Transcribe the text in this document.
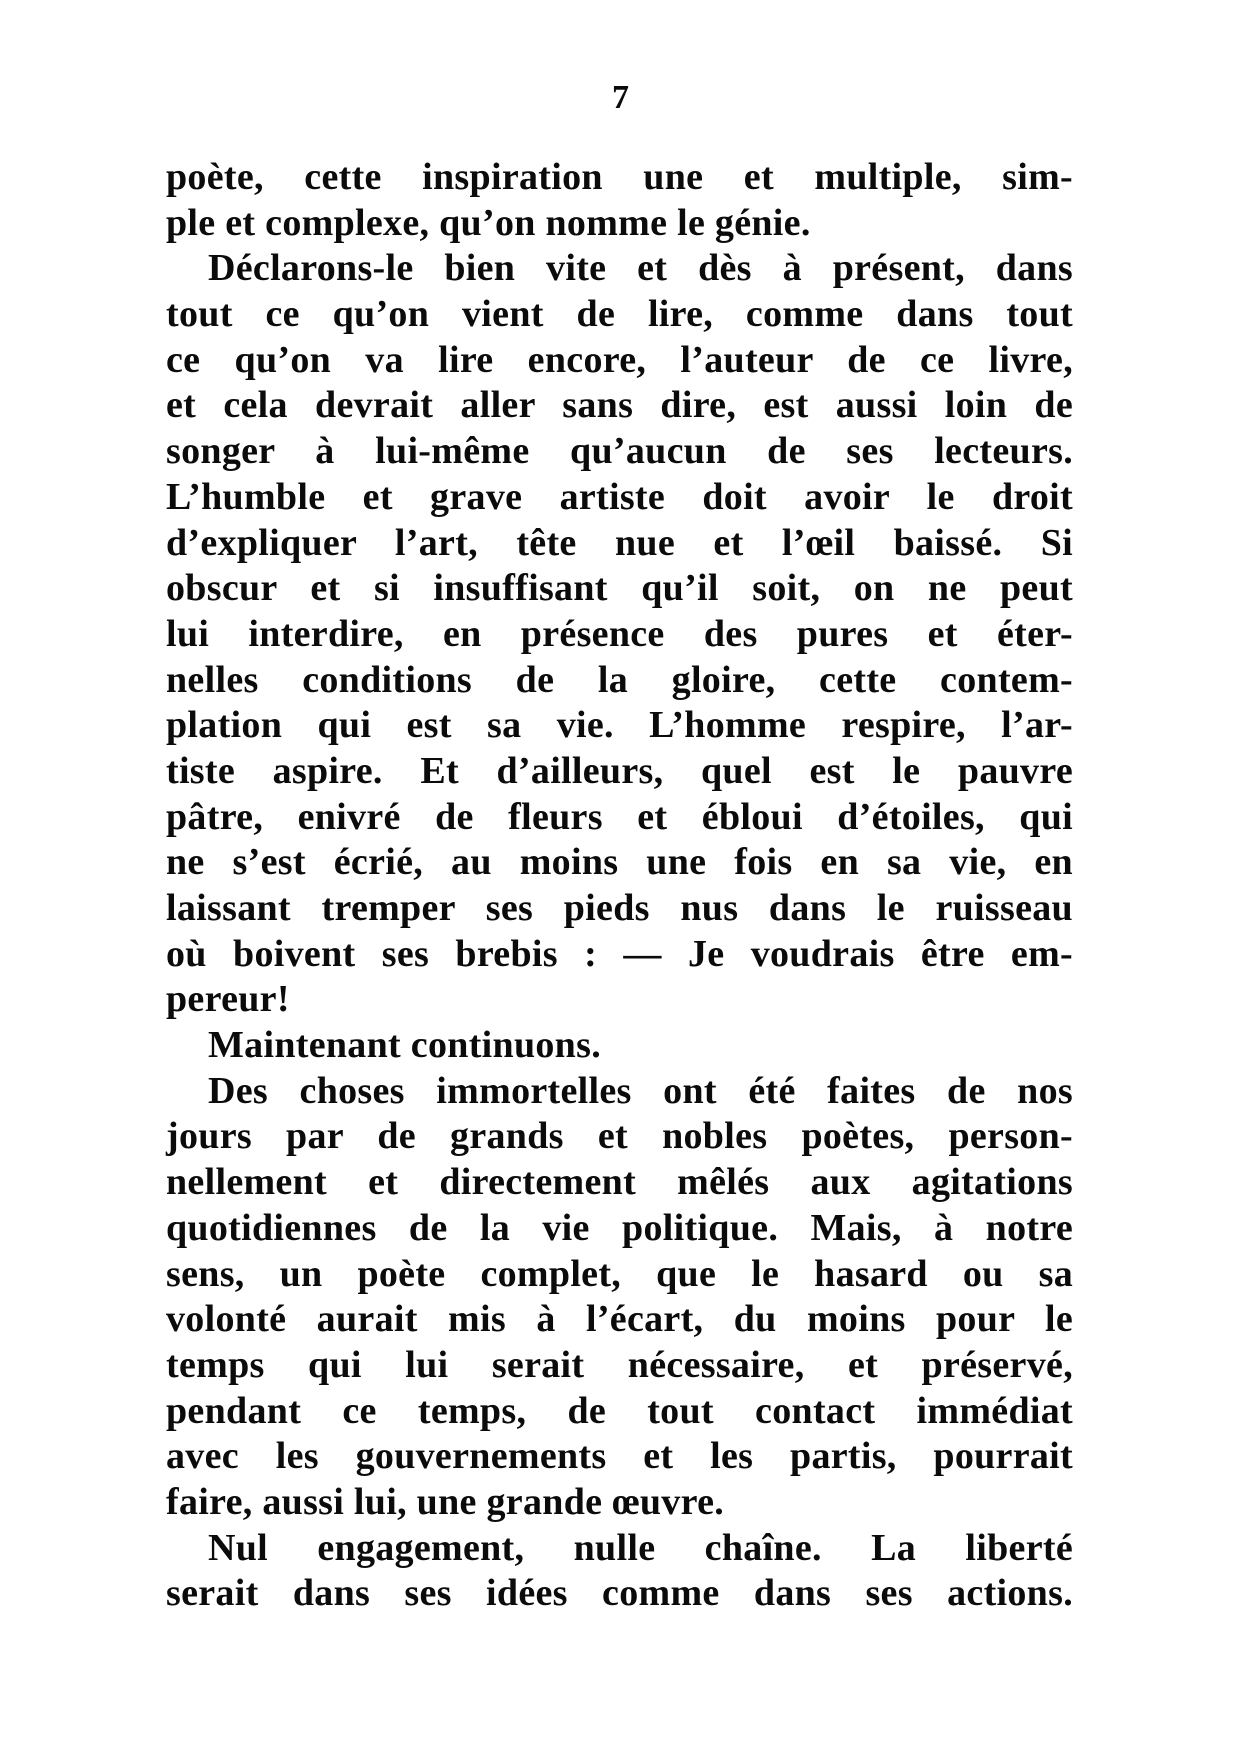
7
poète, cette inspiration une et multiple, sim-
ple et complexe, qu’on nomme le génie.
Déclarons-le bien vite et dès à présent, dans
tout ce qu’on vient de lire, comme dans tout
ce qu’on va lire encore, l’auteur de ce livre,
et cela devrait aller sans dire, est aussi loin de
songer à lui-même qu’aucun de ses lecteurs.
L’humble et grave artiste doit avoir le droit
d’expliquer l’art, tête nue et l’œil baissé. Si
obscur et si insuffisant qu’il soit, on ne peut
lui interdire, en présence des pures et éter-
nelles conditions de la gloire, cette contem-
plation qui est sa vie. L’homme respire, l’ar-
tiste aspire. Et d’ailleurs, quel est le pauvre
pâtre, enivré de fleurs et ébloui d’étoiles, qui
ne s’est écrié, au moins une fois en sa vie, en
laissant tremper ses pieds nus dans le ruisseau
où boivent ses brebis : — Je voudrais être em-
pereur!
Maintenant continuons.
Des choses immortelles ont été faites de nos
jours par de grands et nobles poètes, person-
nellement et directement mêlés aux agitations
quotidiennes de la vie politique. Mais, à notre
sens, un poète complet, que le hasard ou sa
volonté aurait mis à l’écart, du moins pour le
temps qui lui serait nécessaire, et préservé,
pendant ce temps, de tout contact immédiat
avec les gouvernements et les partis, pourrait
faire, aussi lui, une grande œuvre.
Nul engagement, nulle chaîne. La liberté
serait dans ses idées comme dans ses actions.
